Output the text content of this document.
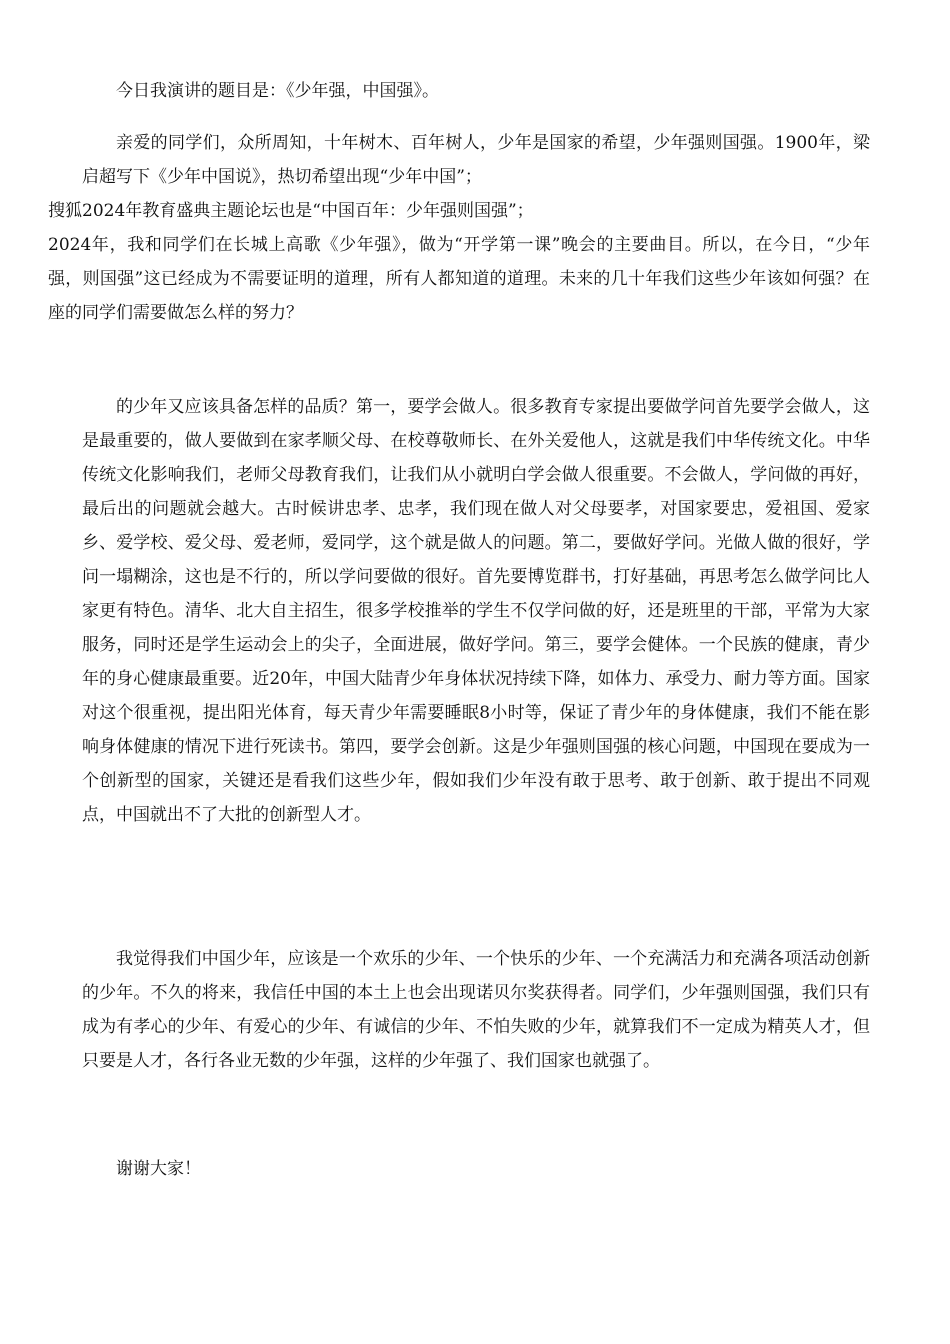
今日我演讲的题目是：《少年强，中国强》。

亲爱的同学们，众所周知，十年树木、百年树人，少年是国家的希望，少年强则国强。1900年，梁启超写下《少年中国说》，热切希望出现“少年中国”；
搜狐2024年教育盛典主题论坛也是“中国百年：少年强则国强”；
2024年，我和同学们在长城上高歌《少年强》，做为“开学第一课”晚会的主要曲目。所以，在今日，“少年强，则国强”这已经成为不需要证明的道理，所有人都知道的道理。未来的几十年我们这些少年该如何强？在座的同学们需要做怎么样的努力？

的少年又应该具备怎样的品质？第一，要学会做人。很多教育专家提出要做学问首先要学会做人，这是最重要的，做人要做到在家孝顺父母、在校尊敬师长、在外关爱他人，这就是我们中华传统文化。中华传统文化影响我们，老师父母教育我们，让我们从小就明白学会做人很重要。不会做人，学问做的再好，最后出的问题就会越大。古时候讲忠孝、忠孝，我们现在做人对父母要孝，对国家要忠，爱祖国、爱家乡、爱学校、爱父母、爱老师，爱同学，这个就是做人的问题。第二，要做好学问。光做人做的很好，学问一塌糊涂，这也是不行的，所以学问要做的很好。首先要博览群书，打好基础，再思考怎么做学问比人家更有特色。清华、北大自主招生，很多学校推举的学生不仅学问做的好，还是班里的干部，平常为大家服务，同时还是学生运动会上的尖子，全面进展，做好学问。第三，要学会健体。一个民族的健康，青少年的身心健康最重要。近20年，中国大陆青少年身体状况持续下降，如体力、承受力、耐力等方面。国家对这个很重视，提出阳光体育，每天青少年需要睡眠8小时等，保证了青少年的身体健康，我们不能在影响身体健康的情况下进行死读书。第四，要学会创新。这是少年强则国强的核心问题，中国现在要成为一个创新型的国家，关键还是看我们这些少年，假如我们少年没有敢于思考、敢于创新、敢于提出不同观点，中国就出不了大批的创新型人才。

我觉得我们中国少年，应该是一个欢乐的少年、一个快乐的少年、一个充满活力和充满各项活动创新的少年。不久的将来，我信任中国的本土上也会出现诺贝尔奖获得者。同学们，少年强则国强，我们只有成为有孝心的少年、有爱心的少年、有诚信的少年、不怕失败的少年，就算我们不一定成为精英人才，但只要是人才，各行各业无数的少年强，这样的少年强了、我们国家也就强了。

谢谢大家！
